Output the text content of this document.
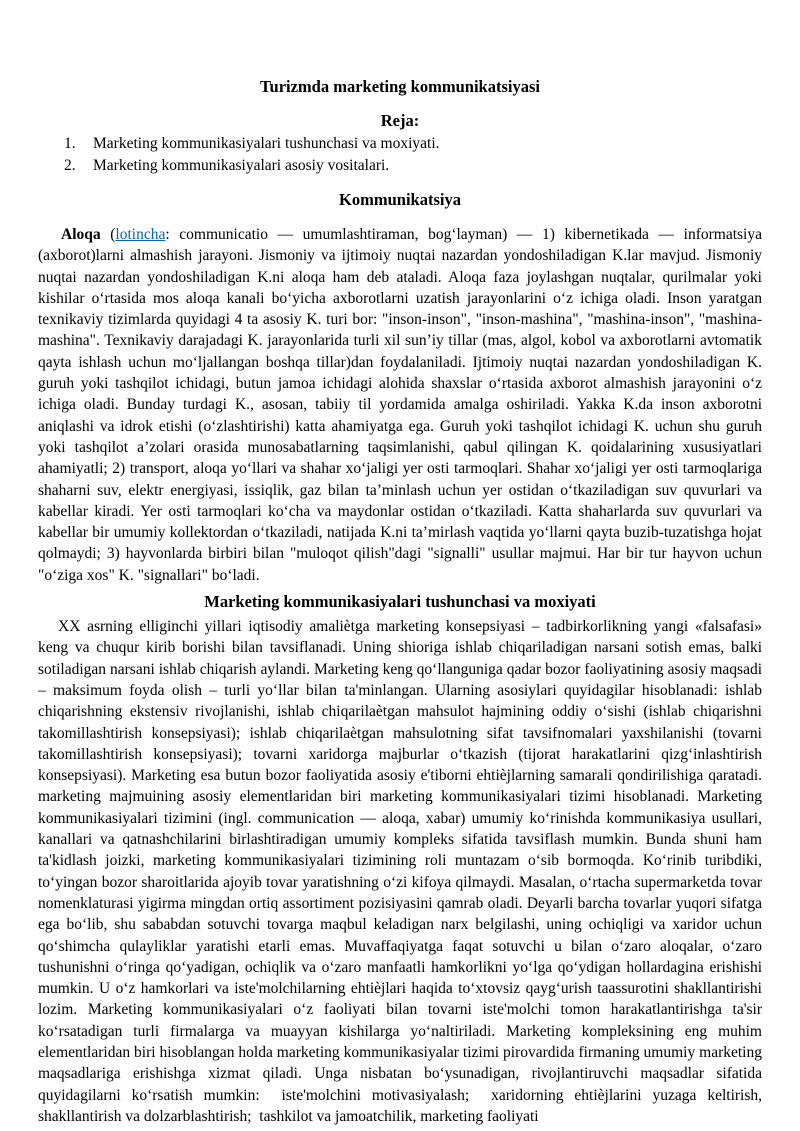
Turizmda marketing kommunikatsiyasi
Reja:
1.	Marketing kommunikasiyalari tushunchasi va moxiyati.
2.	Marketing kommunikasiyalari asosiy vositalari.
Kommunikatsiya

Aloqa (lotincha: communicatio — umumlashtiraman, bogʻlayman) — 1) kibernetikada — informatsiya (axborot)larni almashish jarayoni. Jismoniy va ijtimoiy nuqtai nazardan yondoshiladigan K.lar mavjud. Jismoniy nuqtai nazardan yondoshiladigan K.ni aloqa ham deb ataladi. Aloqa faza joylashgan nuqtalar, qurilmalar yoki kishilar oʻrtasida mos aloqa kanali boʻyicha axborotlarni uzatish jarayonlarini oʻz ichiga oladi. Inson yaratgan texnikaviy tizimlarda quyidagi 4 ta asosiy K. turi bor: "inson-inson", "inson-mashina", "mashina-inson", "mashina-mashina". Texnikaviy darajadagi K. jarayonlarida turli xil sun’iy tillar (mas, algol, kobol va axborotlarni avtomatik qayta ishlash uchun moʻljallangan boshqa tillar)dan foydalaniladi. Ijtimoiy nuqtai nazardan yondoshiladigan K. guruh yoki tashqilot ichidagi, butun jamoa ichidagi alohida shaxslar oʻrtasida axborot almashish jarayonini oʻz ichiga oladi. Bunday turdagi K., asosan, tabiiy til yordamida amalga oshiriladi. Yakka K.da inson axborotni aniqlashi va idrok etishi (oʻzlashtirishi) katta ahamiyatga ega. Guruh yoki tashqilot ichidagi K. uchun shu guruh yoki tashqilot a’zolari orasida munosabatlarning taqsimlanishi, qabul qilingan K. qoidalarining xususiyatlari ahamiyatli; 2) transport, aloqa yoʻllari va shahar xoʻjaligi yer osti tarmoqlari. Shahar xoʻjaligi yer osti tarmoqlariga shaharni suv, elektr energiyasi, issiqlik, gaz bilan ta’minlash uchun yer ostidan oʻtkaziladigan suv quvurlari va kabellar kiradi. Yer osti tarmoqlari koʻcha va maydonlar ostidan oʻtkaziladi. Katta shaharlarda suv quvurlari va kabellar bir umumiy kollektordan oʻtkaziladi, natijada K.ni ta’mirlash vaqtida yoʻllarni qayta buzib-tuzatishga hojat qolmaydi; 3) hayvonlarda birbiri bilan "muloqot qilish"dagi "signalli" usullar majmui. Har bir tur hayvon uchun "oʻziga xos" K. "signallari" boʻladi.

Marketing kommunikasiyalari tushunchasi va moxiyati

XX asrning elliginchi yillari iqtisodiy amaliètga marketing konsepsiyasi – tadbirkorlikning yangi «falsafasi» keng va chuqur kirib borishi bilan tavsiflanadi. Uning shioriga ishlab chiqariladigan narsani sotish emas, balki sotiladigan narsani ishlab chiqarish aylandi. Marketing keng qoʻllanguniga qadar bozor faoliyatining asosiy maqsadi – maksimum foyda olish – turli yoʻllar bilan ta'minlangan. Ularning asosiylari quyidagilar hisoblanadi: ishlab chiqarishning ekstensiv rivojlanishi, ishlab chiqarilaètgan mahsulot hajmining oddiy oʻsishi (ishlab chiqarishni takomillashtirish konsepsiyasi); ishlab chiqarilaètgan mahsulotning sifat tavsifnomalari yaxshilanishi (tovarni takomillashtirish konsepsiyasi); tovarni xaridorga majburlar oʻtkazish (tijorat harakatlarini qizgʻinlashtirish konsepsiyasi). Marketing esa butun bozor faoliyatida asosiy e'tiborni ehtièjlarning samarali qondirilishiga qaratadi. marketing majmuining asosiy elementlaridan biri marketing kommunikasiyalari tizimi hisoblanadi. Marketing kommunikasiyalari tizimini (ingl. communication — aloqa, xabar) umumiy koʻrinishda kommunikasiya usullari, kanallari va qatnashchilarini birlashtiradigan umumiy kompleks sifatida tavsiflash mumkin. Bunda shuni ham ta'kidlash joizki, marketing kommunikasiyalari tizimining roli muntazam oʻsib bormoqda. Koʻrinib turibdiki, toʻyingan bozor sharoitlarida ajoyib tovar yaratishning oʻzi kifoya qilmaydi. Masalan, oʻrtacha supermarketda tovar nomenklaturasi yigirma mingdan ortiq assortiment pozisiyasini qamrab oladi. Deyarli barcha tovarlar yuqori sifatga ega boʻlib, shu sababdan sotuvchi tovarga maqbul keladigan narx belgilashi, uning ochiqligi va xaridor uchun qoʻshimcha qulayliklar yaratishi etarli emas. Muvaffaqiyatga faqat sotuvchi u bilan oʻzaro aloqalar, oʻzaro tushunishni oʻringa qoʻyadigan, ochiqlik va oʻzaro manfaatli hamkorlikni yoʻlga qoʻydigan hollardagina erishishi mumkin. U oʻz hamkorlari va iste'molchilarning ehtièjlari haqida toʻxtovsiz qaygʻurish taassurotini shakllantirishi lozim. Marketing kommunikasiyalari oʻz faoliyati bilan tovarni iste'molchi tomon harakatlantirishga ta'sir koʻrsatadigan turli firmalarga va muayyan kishilarga yoʻnaltiriladi. Marketing kompleksining eng muhim elementlaridan biri hisoblangan holda marketing kommunikasiyalar tizimi pirovardida firmaning umumiy marketing maqsadlariga erishishga xizmat qiladi. Unga nisbatan boʻysunadigan, rivojlantiruvchi maqsadlar sifatida quyidagilarni koʻrsatish mumkin:  iste'molchini motivasiyalash;  xaridorning ehtièjlarini yuzaga keltirish, shakllantirish va dolzarblashtirish;  tashkilot va jamoatchilik, marketing faoliyati
